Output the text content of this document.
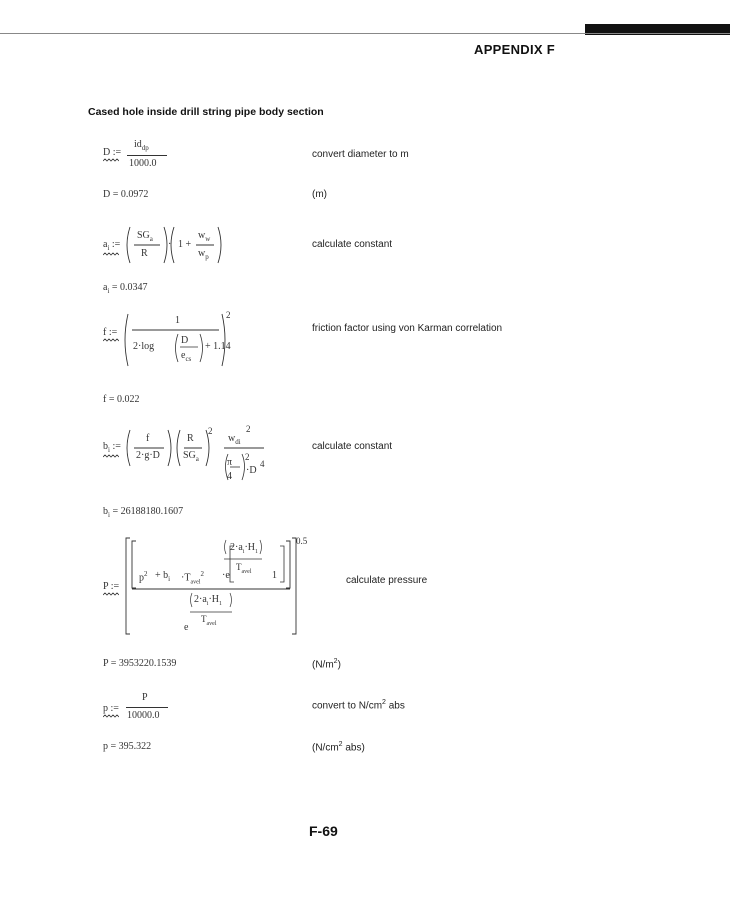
APPENDIX F
Cased hole inside drill string pipe body section
D :=
$id_{dp}$
1000.0
convert diameter to m
D = 0.0972	(m)
$a_i$ :=
$SG_a$
R
· 1 +
$w_w$
$w_p$
calculate constant
$a_i = 0.0347$
f :=
1	2
2·log
D
$e_{cs}$
+ 1.14
friction factor using von Karman correlation
f = 0.022
$b_i$ :=
f
2·g·D
R
$SG_a$
2
$w_{di}$
2
π
4
2
·D
4
calculate constant
$b_i = 26188180.1607$
P :=
$p^2 + b_i \cdot T_{avel}^2 \cdot e$	1
$2\cdot a_i\cdot H_1$
$T_{avel}$
0.5
$2\cdot a_i\cdot H_1$
$T_{avel}$
e
calculate pressure
P = 3953220.1539	$(N/m^2)$
p :=
P
10000.0
convert to $N/cm^2$ abs
p = 395.322	($N/cm^2$ abs)
F-69
